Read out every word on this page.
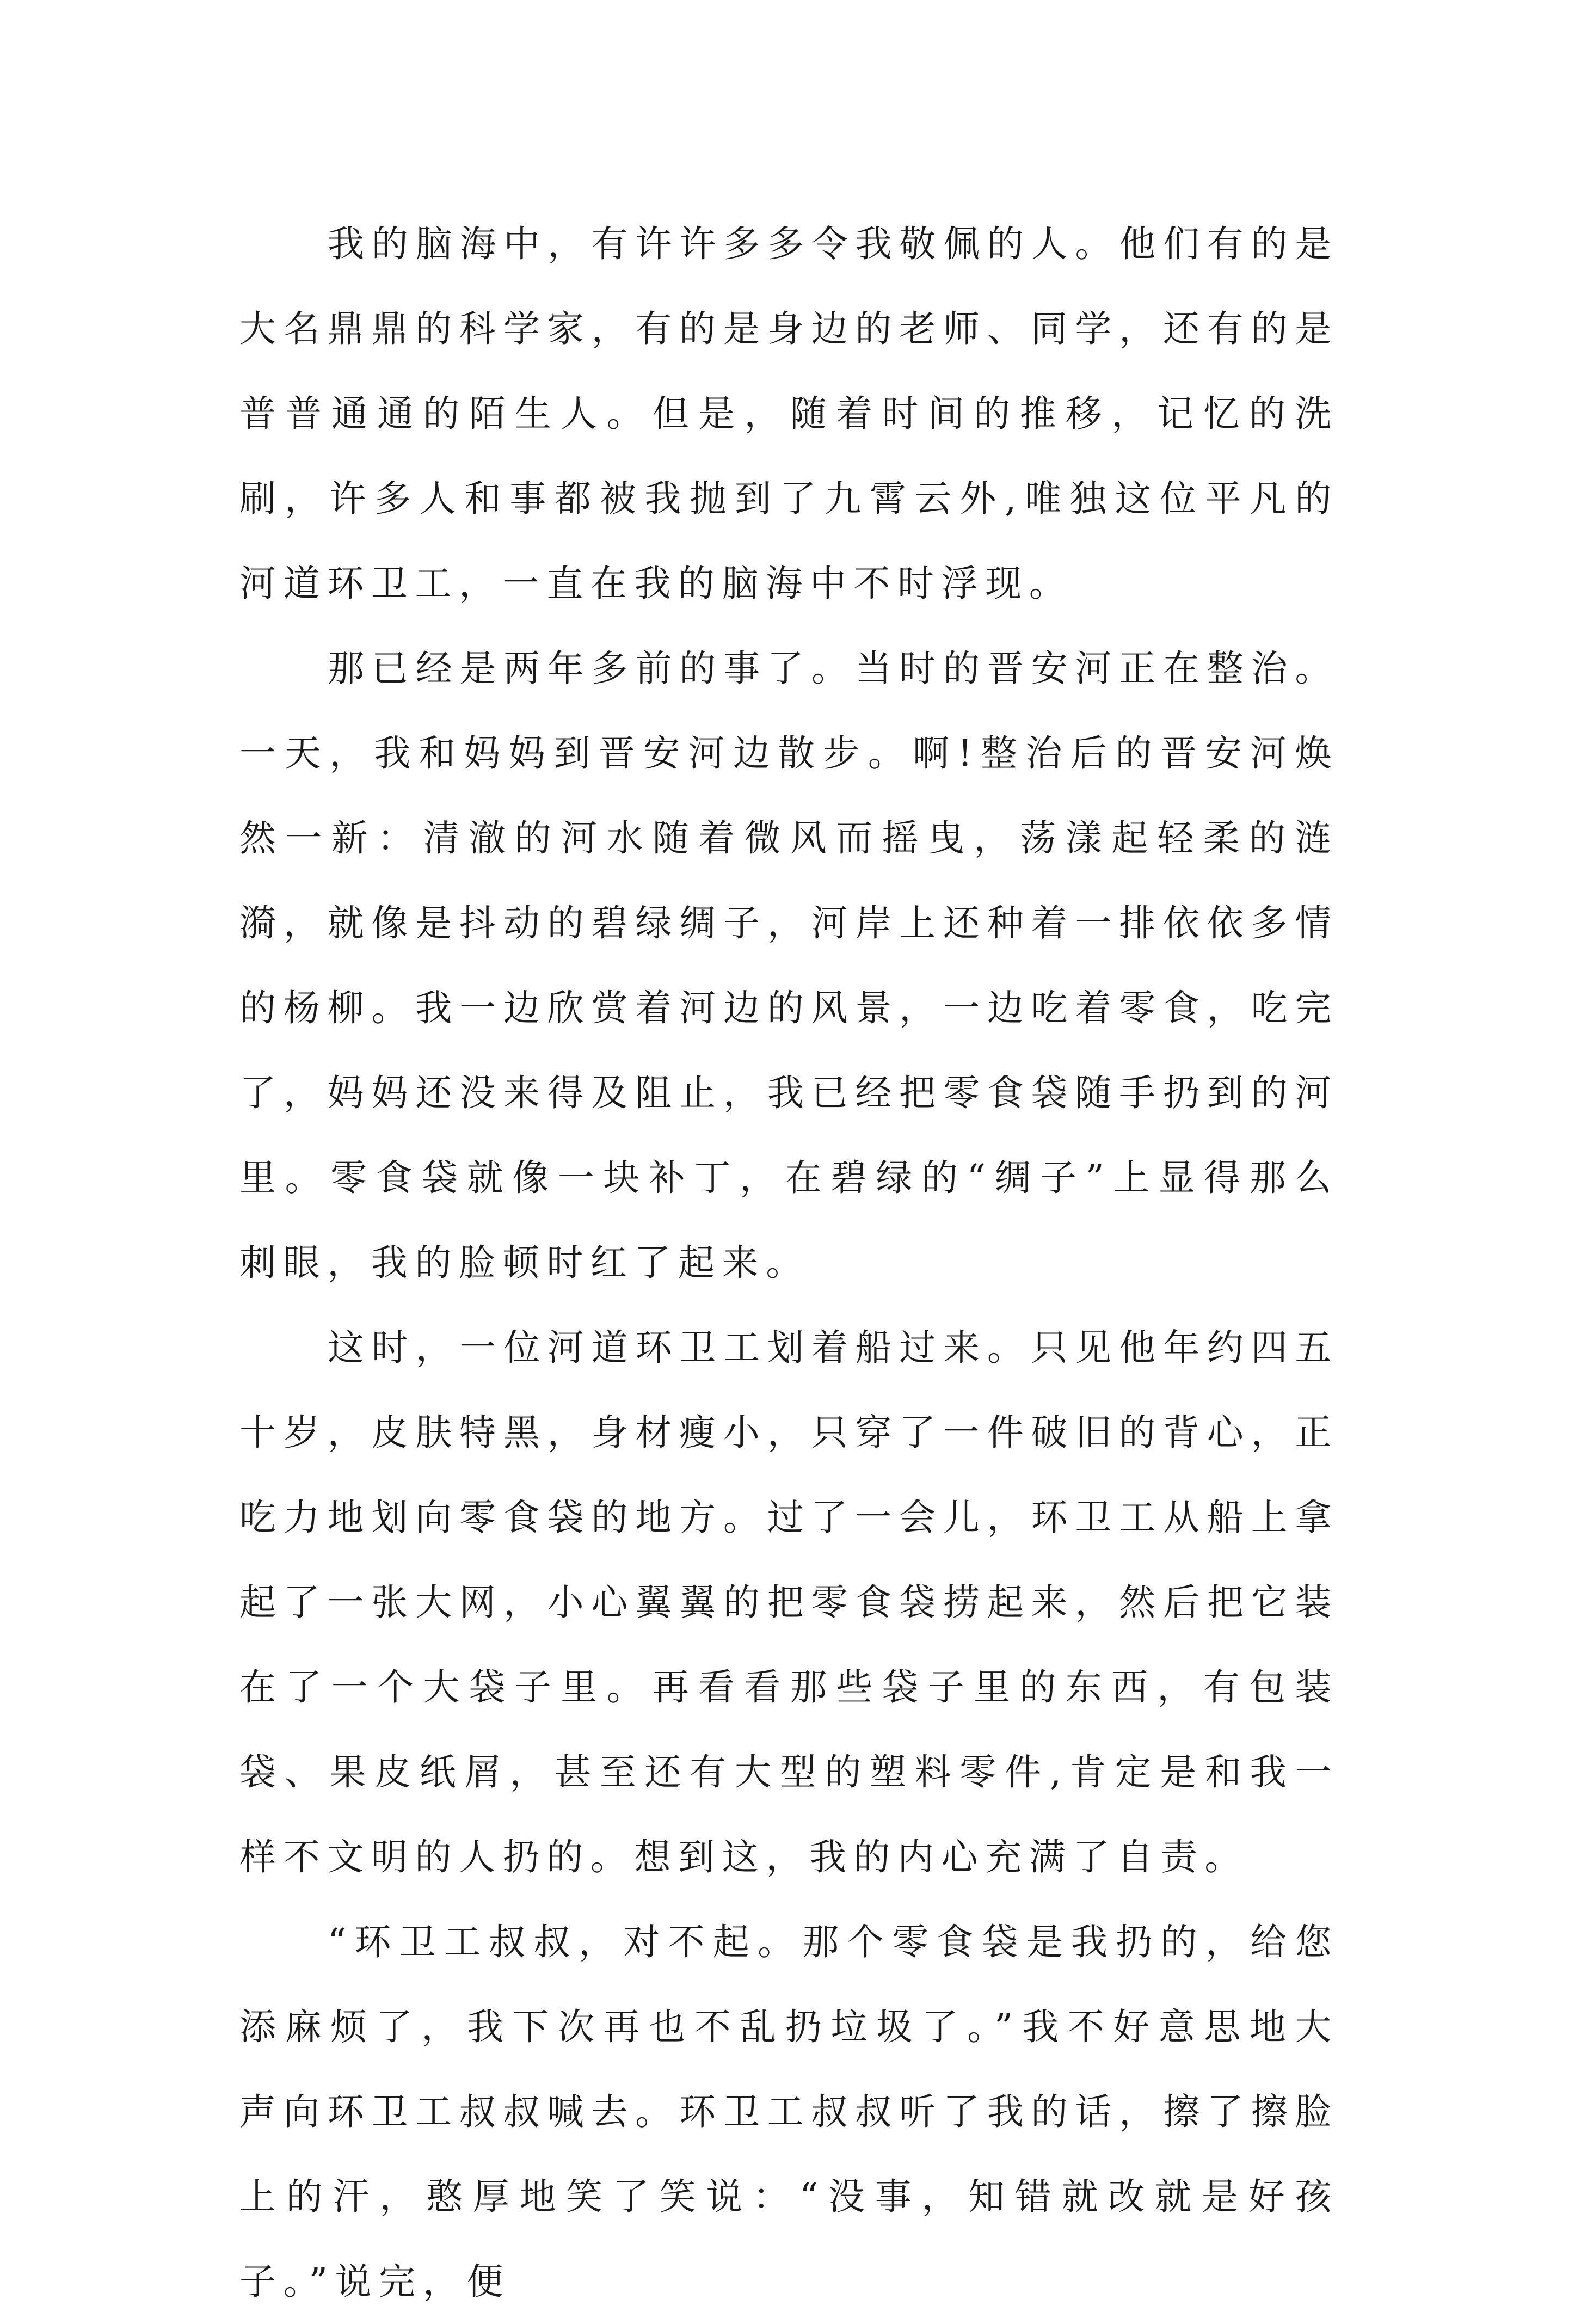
我的脑海中，有许许多多令我敬佩的人。他们有的是大名鼎鼎的科学家，有的是身边的老师、同学，还有的是普普通通的陌生人。但是，随着时间的推移，记忆的洗刷，许多人和事都被我抛到了九霄云外,唯独这位平凡的河道环卫工，一直在我的脑海中不时浮现。

那已经是两年多前的事了。当时的晋安河正在整治。一天，我和妈妈到晋安河边散步。啊!整治后的晋安河焕然一新：清澈的河水随着微风而摇曳，荡漾起轻柔的涟漪，就像是抖动的碧绿绸子，河岸上还种着一排依依多情的杨柳。我一边欣赏着河边的风景，一边吃着零食，吃完了，妈妈还没来得及阻止，我已经把零食袋随手扔到的河里。零食袋就像一块补丁，在碧绿的“绸子”上显得那么刺眼，我的脸顿时红了起来。

这时，一位河道环卫工划着船过来。只见他年约四五十岁，皮肤特黑，身材瘦小，只穿了一件破旧的背心，正吃力地划向零食袋的地方。过了一会儿，环卫工从船上拿起了一张大网，小心翼翼的把零食袋捞起来，然后把它装在了一个大袋子里。再看看那些袋子里的东西，有包装袋、果皮纸屑，甚至还有大型的塑料零件,肯定是和我一样不文明的人扔的。想到这，我的内心充满了自责。

“环卫工叔叔，对不起。那个零食袋是我扔的，给您添麻烦了，我下次再也不乱扔垃圾了。”我不好意思地大声向环卫工叔叔喊去。环卫工叔叔听了我的话，擦了擦脸上的汗，憨厚地笑了笑说：“没事，知错就改就是好孩子。”说完，便
